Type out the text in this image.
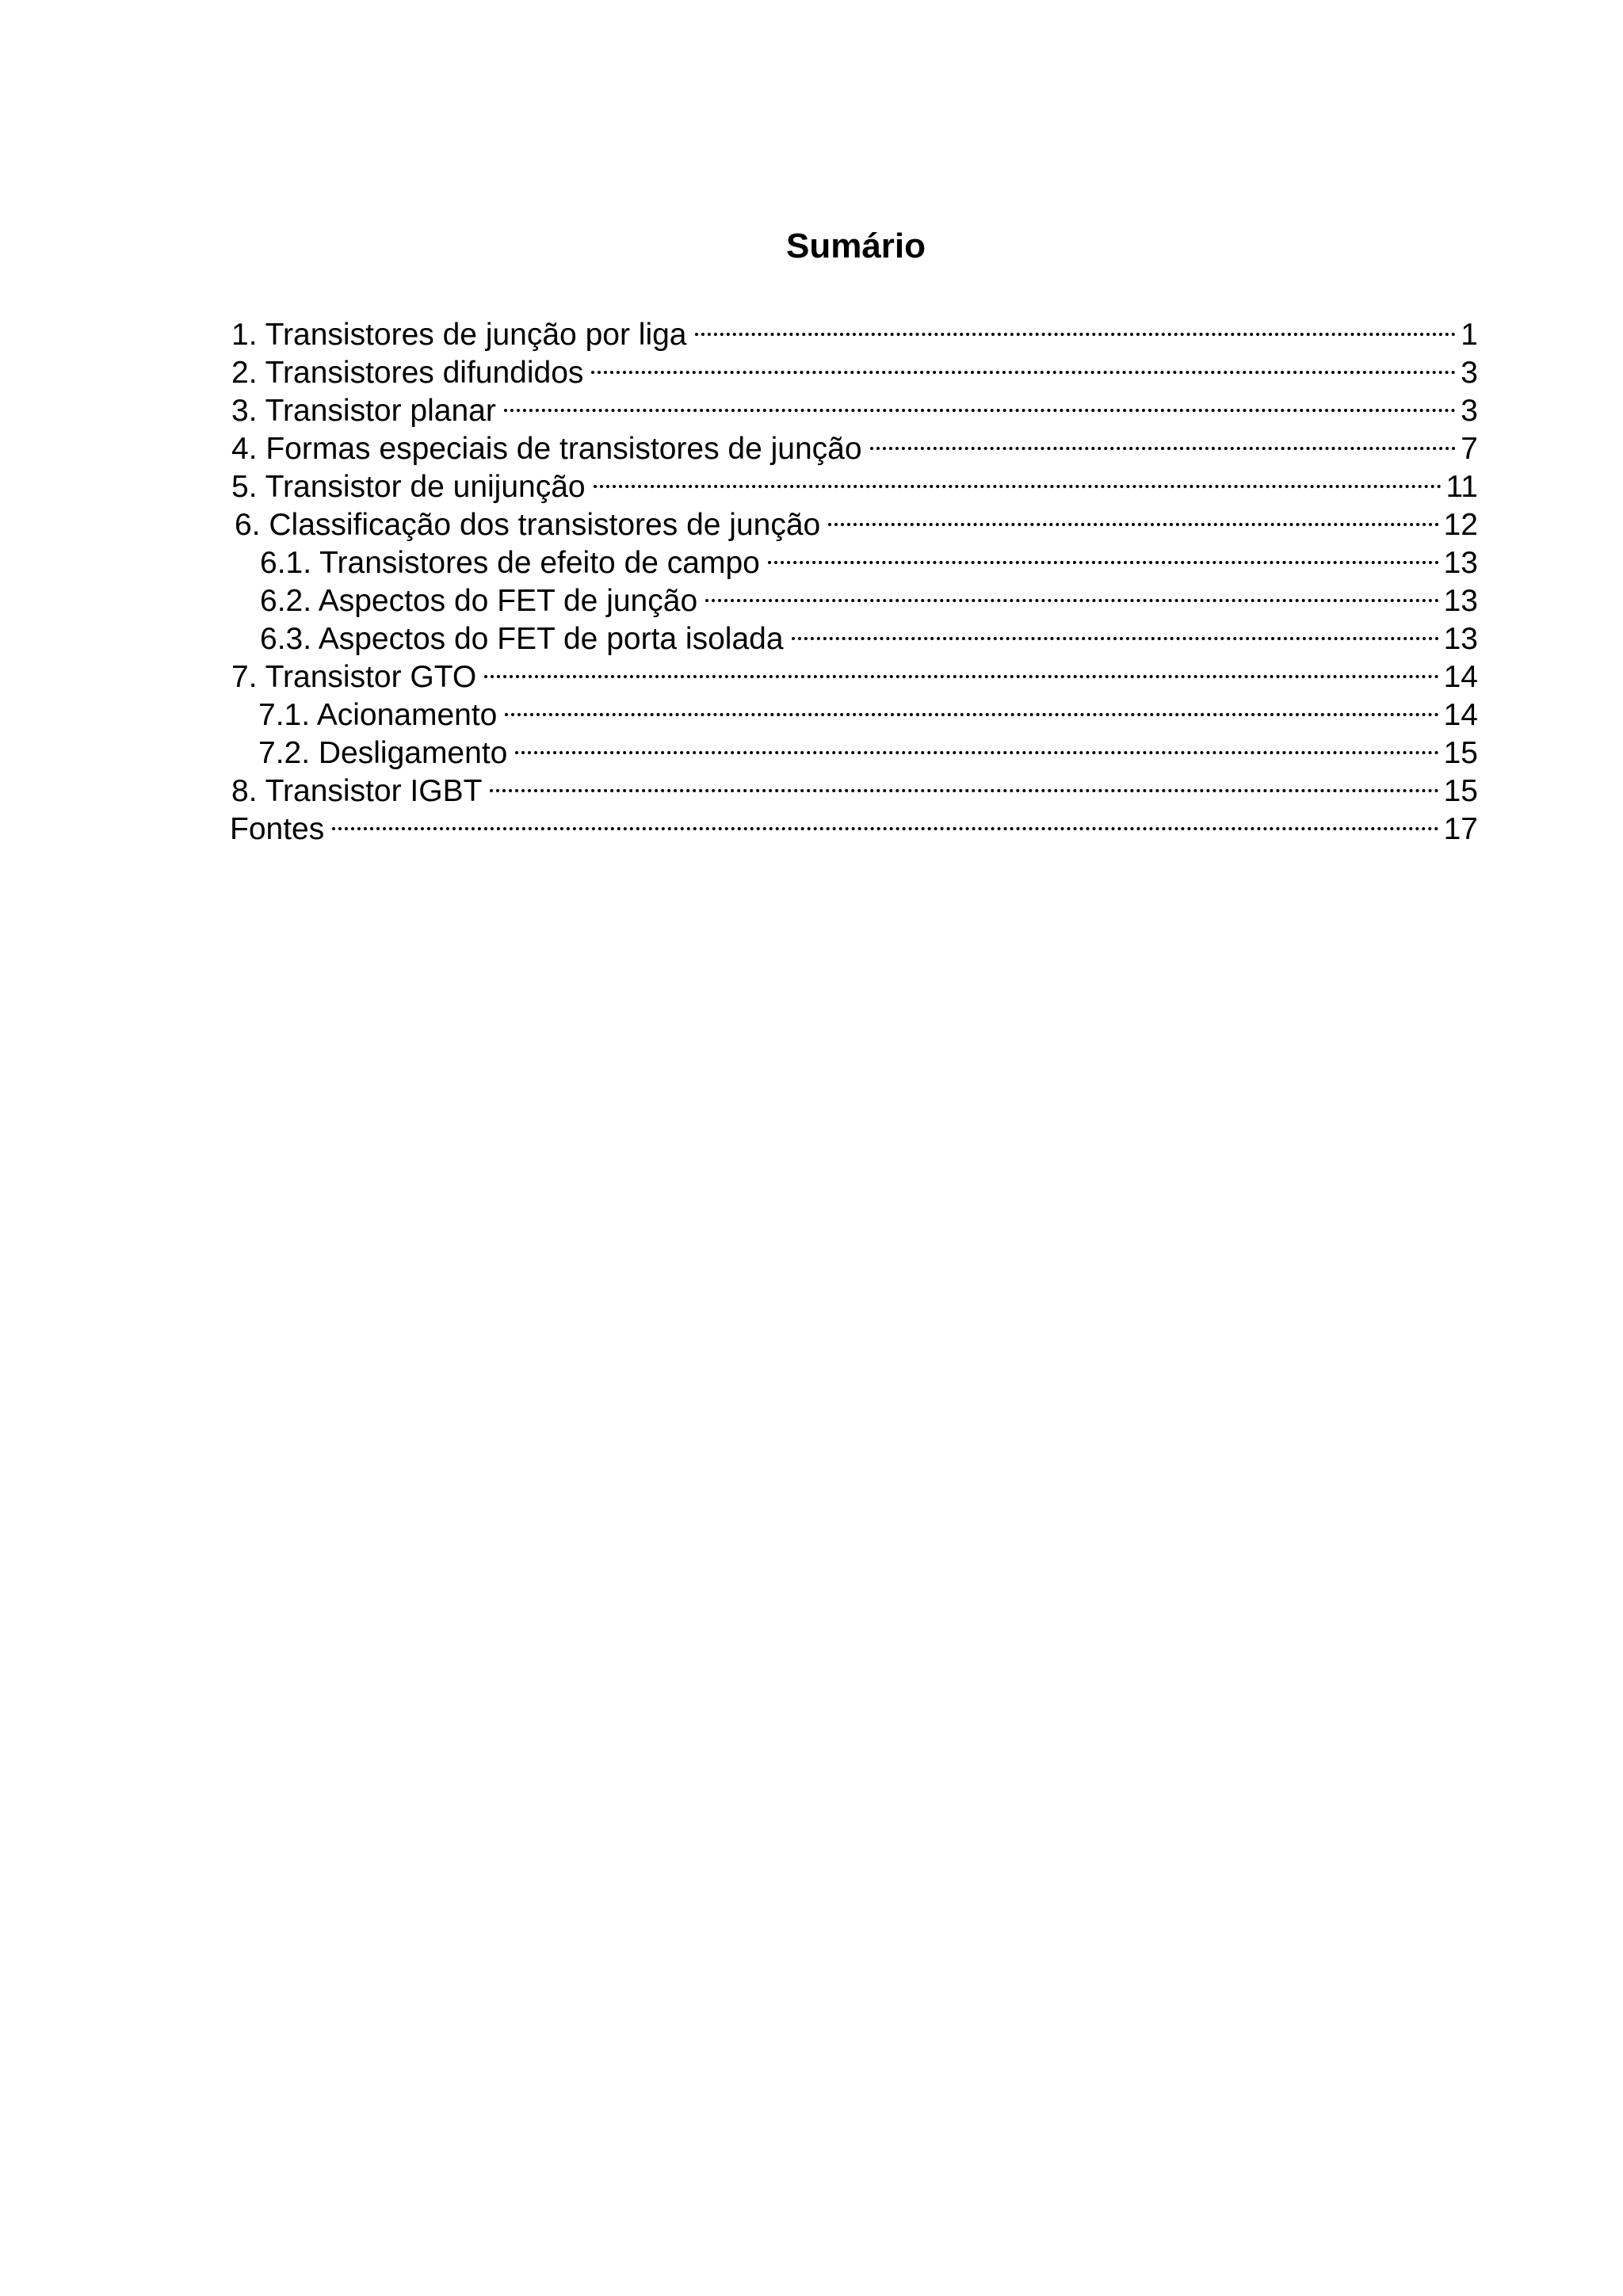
Sumário
1. Transistores de junção por liga	1
2. Transistores difundidos	3
3. Transistor planar	3
4. Formas especiais de transistores de junção	7
5. Transistor de unijunção	11
6. Classificação dos transistores de junção	12
6.1. Transistores de efeito de campo	13
6.2. Aspectos do FET de junção	13
6.3. Aspectos do FET de porta isolada	13
7. Transistor GTO	14
7.1. Acionamento	14
7.2. Desligamento	15
8. Transistor IGBT	15
Fontes	17
